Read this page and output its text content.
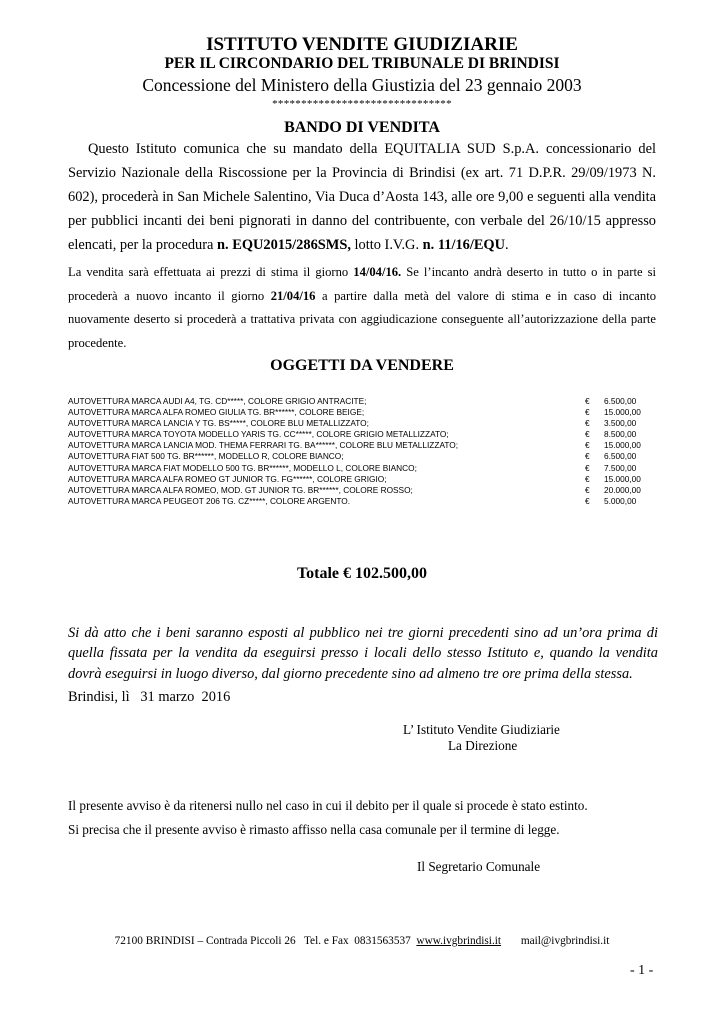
ISTITUTO VENDITE GIUDIZIARIE
PER IL CIRCONDARIO DEL TRIBUNALE DI BRINDISI
Concessione del Ministero della Giustizia del 23 gennaio 2003
*******************************
BANDO DI VENDITA
Questo Istituto comunica che su mandato della EQUITALIA SUD S.p.A. concessionario del Servizio Nazionale della Riscossione per la Provincia di Brindisi (ex art. 71 D.P.R. 29/09/1973 N. 602), procederà in San Michele Salentino, Via Duca d’Aosta 143, alle ore 9,00 e seguenti alla vendita per pubblici incanti dei beni pignorati in danno del contribuente, con verbale del 26/10/15 appresso elencati, per la procedura n. EQU2015/286SMS, lotto I.V.G. n. 11/16/EQU.
La vendita sarà effettuata ai prezzi di stima il giorno 14/04/16. Se l’incanto andrà deserto in tutto o in parte si procederà a nuovo incanto il giorno 21/04/16 a partire dalla metà del valore di stima e in caso di incanto nuovamente deserto si procederà a trattativa privata con aggiudicazione conseguente all’autorizzazione della parte procedente.
OGGETTI DA VENDERE
AUTOVETTURA MARCA AUDI A4, TG. CD*****, COLORE GRIGIO ANTRACITE;	€ 6.500,00
AUTOVETTURA MARCA ALFA ROMEO GIULIA TG. BR******, COLORE BEIGE;	€ 15.000,00
AUTOVETTURA MARCA LANCIA Y TG. BS*****, COLORE BLU METALLIZZATO;	€ 3.500,00
AUTOVETTURA MARCA TOYOTA MODELLO YARIS TG. CC*****, COLORE GRIGIO METALLIZZATO;	€ 8.500,00
AUTOVETTURA MARCA LANCIA MOD. THEMA FERRARI TG. BA******, COLORE BLU METALLIZZATO;	€ 15.000,00
AUTOVETTURA FIAT 500 TG. BR******, MODELLO R, COLORE BIANCO;	€ 6.500,00
AUTOVETTURA MARCA FIAT MODELLO 500 TG. BR******, MODELLO L, COLORE BIANCO;	€ 7.500,00
AUTOVETTURA MARCA ALFA ROMEO GT JUNIOR TG. FG******, COLORE GRIGIO;	€ 15.000,00
AUTOVETTURA MARCA ALFA ROMEO, MOD. GT JUNIOR TG. BR******, COLORE ROSSO;	€ 20.000,00
AUTOVETTURA MARCA PEUGEOT 206 TG. CZ*****, COLORE ARGENTO.	€ 5.000,00
Totale € 102.500,00
Si dà atto che i beni saranno esposti al pubblico nei tre giorni precedenti sino ad un’ora prima di quella fissata per la vendita da eseguirsi presso i locali dello stesso Istituto e, quando la vendita dovrà eseguirsi in luogo diverso, dal giorno precedente sino ad almeno tre ore prima della stessa.
Brindisi, lì   31 marzo  2016
L’ Istituto Vendite Giudiziarie
La Direzione
Il presente avviso è da ritenersi nullo nel caso in cui il debito per il quale si procede è stato estinto.
Si precisa che il presente avviso è rimasto affisso nella casa comunale per il termine di legge.
Il Segretario Comunale
72100 BRINDISI – Contrada Piccoli 26   Tel. e Fax  0831563537  www.ivgbrindisi.it mail@ivgbrindisi.it
- 1 -
